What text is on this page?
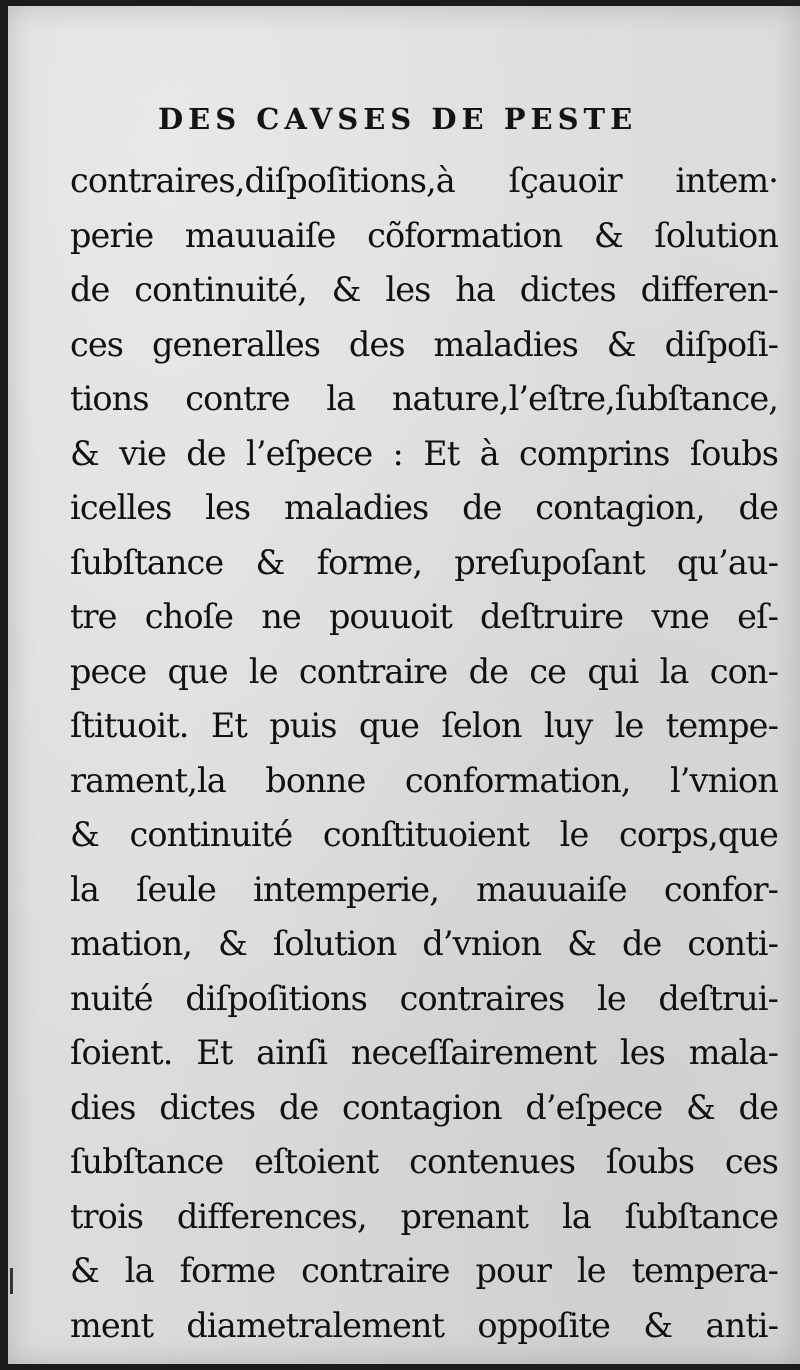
DES CAVSES DE PESTE
contraires,diſpoſitions,à ſçauoir intem·
perie mauuaiſe cõformation & ſolution
de continuité, & les ha dictes differen-
ces generalles des maladies & diſpoſi-
tions contre la nature,l’eſtre,ſubſtance,
& vie de l’eſpece : Et à comprins ſoubs
icelles les maladies de contagion, de
ſubſtance & forme, preſupoſant qu’au-
tre choſe ne pouuoit deſtruire vne eſ-
pece que le contraire de ce qui la con-
ſtituoit. Et puis que ſelon luy le tempe-
rament,la bonne conformation, l’vnion
& continuité conſtituoient le corps,que
la ſeule intemperie, mauuaiſe confor-
mation, & ſolution d’vnion & de conti-
nuité diſpoſitions contraires le deſtrui-
ſoient. Et ainſi neceſſairement les mala-
dies dictes de contagion d’eſpece & de
ſubſtance eſtoient contenues ſoubs ces
trois differences, prenant la ſubſtance
& la forme contraire pour le tempera-
ment diametralement oppoſite & anti-
